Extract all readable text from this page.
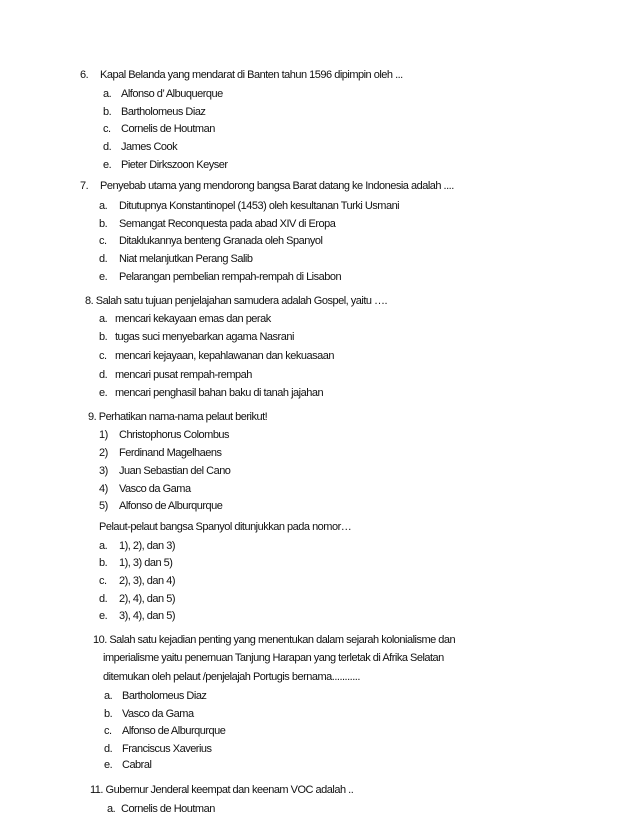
6. Kapal Belanda yang mendarat di Banten tahun 1596 dipimpin oleh ...
a. Alfonso d’ Albuquerque
b. Bartholomeus Diaz
c. Cornelis de Houtman
d. James Cook
e. Pieter Dirkszoon Keyser
7. Penyebab utama yang mendorong bangsa Barat datang ke Indonesia adalah ....
a. Ditutupnya Konstantinopel (1453) oleh kesultanan Turki Usmani
b. Semangat Reconquesta pada abad XIV di Eropa
c. Ditaklukannya benteng Granada oleh Spanyol
d. Niat melanjutkan Perang Salib
e. Pelarangan pembelian rempah-rempah di Lisabon
8. Salah satu tujuan penjelajahan samudera adalah Gospel, yaitu ….
a. mencari kekayaan emas dan perak
b. tugas suci menyebarkan agama Nasrani
c. mencari kejayaan, kepahlawanan dan kekuasaan
d. mencari pusat rempah-rempah
e. mencari penghasil bahan baku di tanah jajahan
9. Perhatikan nama-nama pelaut berikut!
1) Christophorus Colombus
2) Ferdinand Magelhaens
3) Juan Sebastian del Cano
4) Vasco da Gama
5) Alfonso de Alburqurque
Pelaut-pelaut bangsa Spanyol ditunjukkan pada nomor…
a. 1), 2), dan 3)
b. 1), 3) dan 5)
c. 2), 3), dan 4)
d. 2), 4), dan 5)
e. 3), 4), dan 5)
10. Salah satu kejadian penting yang menentukan dalam sejarah kolonialisme dan
imperialisme yaitu penemuan Tanjung Harapan yang terletak di Afrika Selatan
ditemukan oleh pelaut /penjelajah Portugis bernama...........
a. Bartholomeus Diaz
b. Vasco da Gama
c. Alfonso de Alburqurque
d. Franciscus Xaverius
e. Cabral
11. Gubernur Jenderal keempat dan keenam VOC adalah ..
a. Cornelis de Houtman
